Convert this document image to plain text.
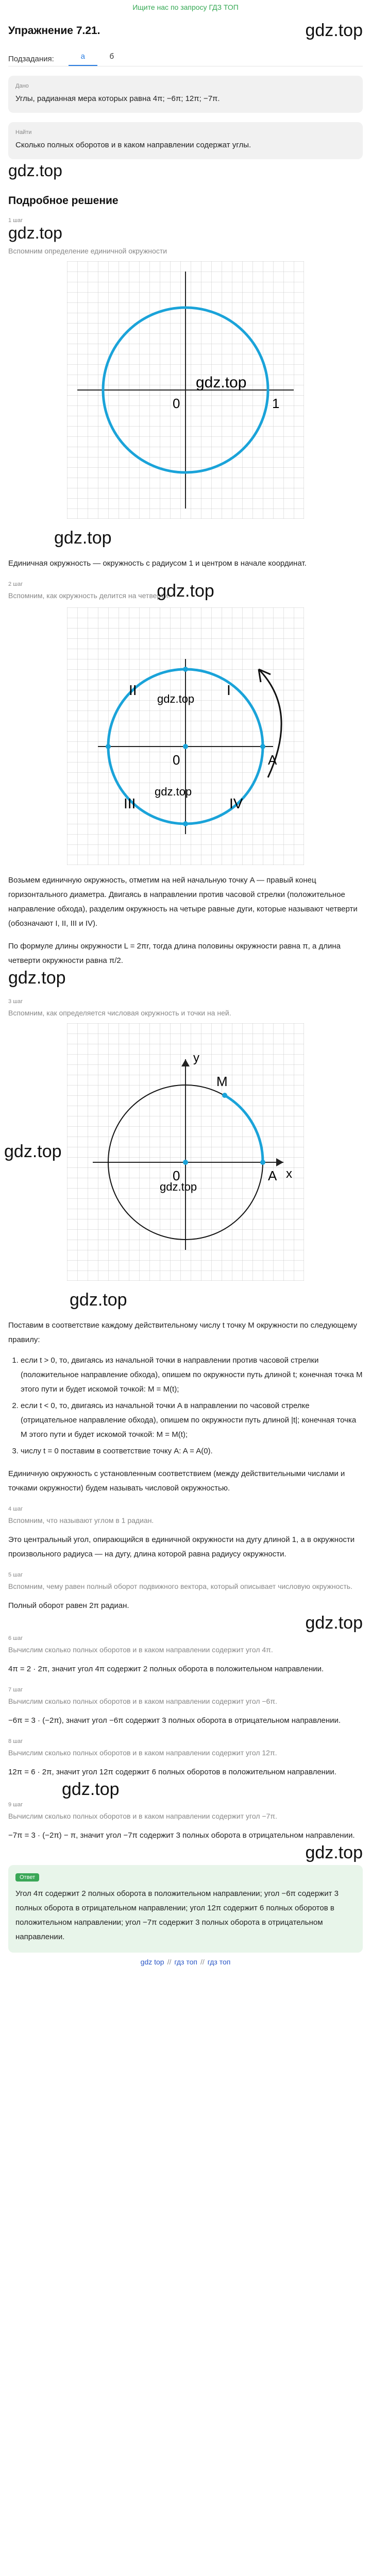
Ищите нас по запросу ГДЗ ТОП
Упражнение 7.21.	gdz.top
Подзадания:	а	б
Дано
Углы, радианная мера которых равна 4π; −6π; 12π; −7π.
Найти
Сколько полных оборотов и в каком направлении содержат углы.
gdz.top
Подробное решение
1 шаг
gdz.top
Вспомним определение единичной окружности
0	1
gdz.top
gdz.top
Единичная окружность — окружность с радиусом 1 и центром в начале координат.
2 шаг
Вспомним, как окружность делится на четверти.
gdz.top
I
II
III	IV
0	A
gdz.top
gdz.top
Возьмем единичную окружность, отметим на ней начальную точку A — правый конец горизонтального диаметра. Двигаясь в направлении против часовой стрелки (положительное направление обхода), разделим окружность на четыре равные дуги, которые называют четверти (обозначают I, II, III и IV).
По формуле длины окружности L = 2πr, тогда длина половины окружности равна π, а длина четверти окружности равна π/2.
gdz.top
3 шаг
Вспомним, как определяется числовая окружность и точки на ней.
y
x
M
A
0
gdz.top
gdz.top
gdz.top
Поставим в соответствие каждому действительному числу t точку M окружности по следующему правилу:
1. если t > 0, то, двигаясь из начальной точки в направлении против часовой стрелки (положительное направление обхода), опишем по окружности путь длиной t; конечная точка M этого пути и будет искомой точкой: M = M(t);
2. если t < 0, то, двигаясь из начальной точки A в направлении по часовой стрелке (отрицательное направление обхода), опишем по окружности путь длиной |t|; конечная точка M этого пути и будет искомой точкой: M = M(t);
3. числу t = 0 поставим в соответствие точку A: A = A(0).
Единичную окружность с установленным соответствием (между действительными числами и точками окружности) будем называть числовой окружностью.
4 шаг
Вспомним, что называют углом в 1 радиан.
Это центральный угол, опирающийся в единичной окружности на дугу длиной 1, а в окружности произвольного радиуса — на дугу, длина которой равна радиусу окружности.
5 шаг
Вспомним, чему равен полный оборот подвижного вектора, который описывает числовую окружность.
Полный оборот равен 2π радиан.
gdz.top
6 шаг
Вычислим сколько полных оборотов и в каком направлении содержит угол 4π.
4π = 2 · 2π, значит угол 4π содержит 2 полных оборота в положительном направлении.
7 шаг
Вычислим сколько полных оборотов и в каком направлении содержит угол −6π.
−6π = 3 · (−2π), значит угол −6π содержит 3 полных оборота в отрицательном направлении.
8 шаг
Вычислим сколько полных оборотов и в каком направлении содержит угол 12π.
12π = 6 · 2π, значит угол 12π содержит 6 полных оборотов в положительном направлении.
gdz.top
9 шаг
Вычислим сколько полных оборотов и в каком направлении содержит угол −7π.
−7π = 3 · (−2π) − π, значит угол −7π содержит 3 полных оборота в отрицательном направлении.
gdz.top
Ответ
Угол 4π содержит 2 полных оборота в положительном направлении; угол −6π содержит 3 полных оборота в отрицательном направлении; угол 12π содержит 6 полных оборотов в положительном направлении; угол −7π содержит 3 полных оборота в отрицательном направлении.
gdz top // гдз топ // гдз топ
